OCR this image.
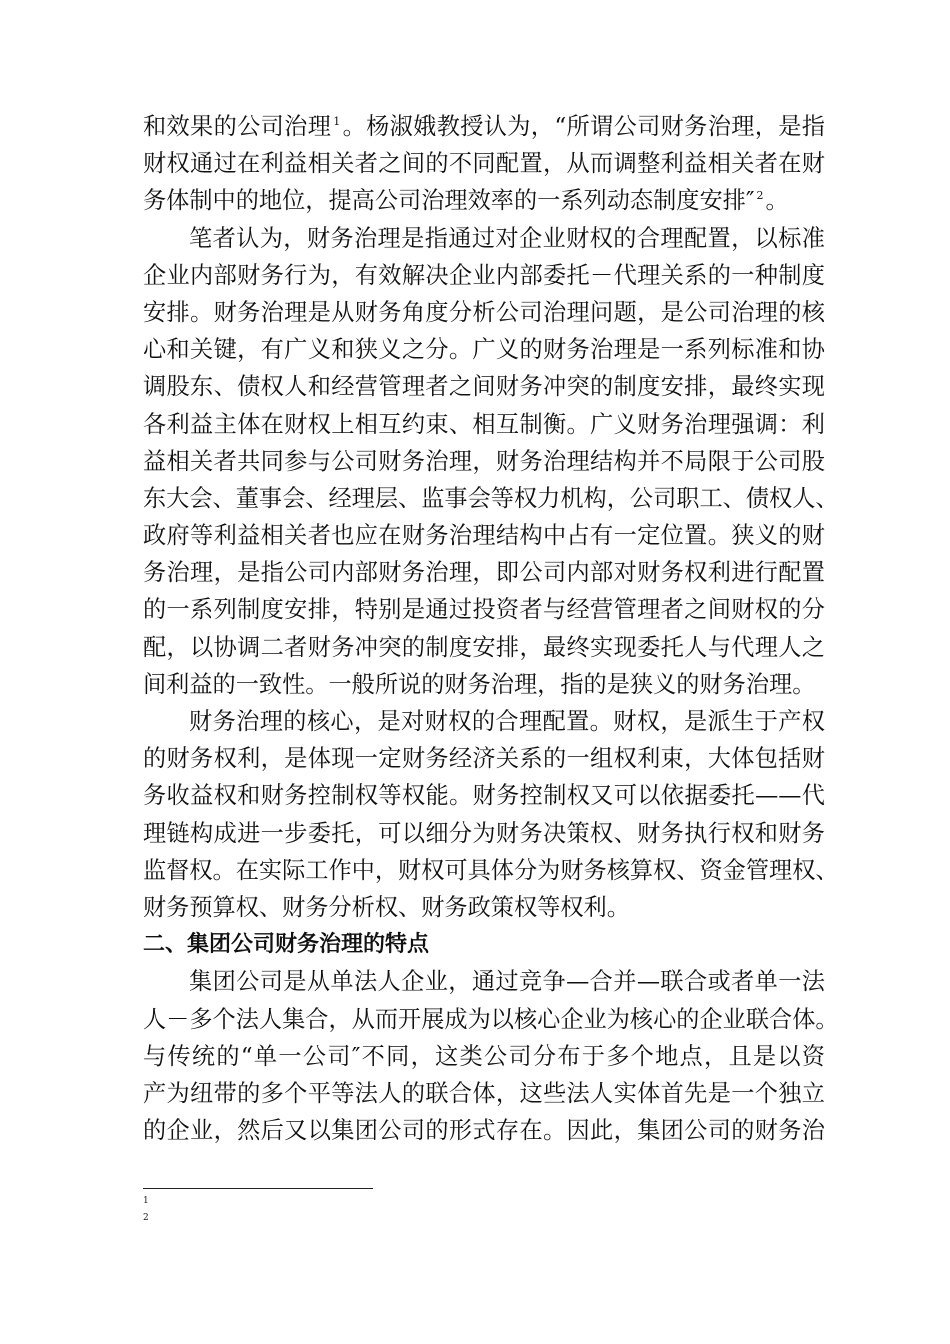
和效果的公司治理 $^1$。杨淑娥教授认为，“所谓公司财务治理，是指
财权通过在利益相关者之间的不同配置，从而调整利益相关者在财
务体制中的地位，提高公司治理效率的一系列动态制度安排″ $^2$。
笔者认为，财务治理是指通过对企业财权的合理配置，以标准
企业内部财务行为，有效解决企业内部委托－代理关系的一种制度
安排。财务治理是从财务角度分析公司治理问题，是公司治理的核
心和关键，有广义和狭义之分。广义的财务治理是一系列标准和协
调股东、债权人和经营管理者之间财务冲突的制度安排，最终实现
各利益主体在财权上相互约束、相互制衡。广义财务治理强调：利
益相关者共同参与公司财务治理，财务治理结构并不局限于公司股
东大会、董事会、经理层、监事会等权力机构，公司职工、债权人、
政府等利益相关者也应在财务治理结构中占有一定位置。狭义的财
务治理，是指公司内部财务治理，即公司内部对财务权利进行配置
的一系列制度安排，特别是通过投资者与经营管理者之间财权的分
配，以协调二者财务冲突的制度安排，最终实现委托人与代理人之
间利益的一致性。一般所说的财务治理，指的是狭义的财务治理。
财务治理的核心，是对财权的合理配置。财权，是派生于产权
的财务权利，是体现一定财务经济关系的一组权利束，大体包括财
务收益权和财务控制权等权能。财务控制权又可以依据委托——代
理链构成进一步委托，可以细分为财务决策权、财务执行权和财务
监督权。在实际工作中，财权可具体分为财务核算权、资金管理权、
财务预算权、财务分析权、财务政策权等权利。
二、集团公司财务治理的特点
集团公司是从单法人企业，通过竞争—合并—联合或者单一法
人－多个法人集合，从而开展成为以核心企业为核心的企业联合体。
与传统的“单一公司″不同，这类公司分布于多个地点，且是以资
产为纽带的多个平等法人的联合体，这些法人实体首先是一个独立
的企业，然后又以集团公司的形式存在。因此，集团公司的财务治
1
2
